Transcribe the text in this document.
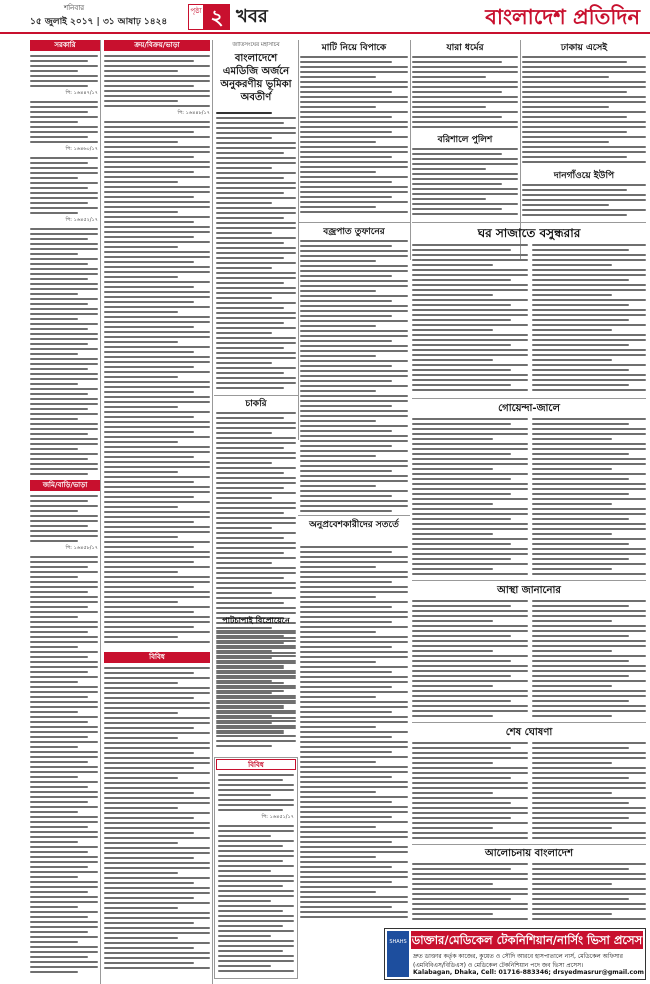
শনিবার
১৫ জুলাই ২০১৭ | ৩১ আষাঢ় ১৪২৪
পৃষ্ঠা ২ খবর	বাংলাদেশ প্রতিদিন
সরকারি
পি: ১৬৪৪৭/১৭
পি: ১৬৪৬০/১৭
পি: ১৬৪৫২/১৭
জমি/বাড়ি/ভাড়া
পি: ১৬৪৫৮/১৭
ক্রয়/বিক্রয়/ভাড়া
পি: ১৬৪৪৮/১৭
বিবিধ
জাতিসংঘের মহাসচিব
বাংলাদেশে এমডিজি অর্জনে অনুকরণীয় ভূমিকা অবতীর্ণ
চাকরি
পাটচাপাই বিপ্রোয়েনে
বিবিধ
পি: ১৬৪৫১/১৭
মাটি নিয়ে বিপাকে	যারা ধর্মের
বরিশালে পুলিশ
ঢাকায় এসেই
দানগাঁওয়ে ইউপি
ঘর সাজাতে বসুন্ধরার
বজ্রপাত তুফানের
গোয়েন্দা-জালে
আস্থা জানানোর
অনুপ্রবেশকারীদের সতর্তে
শেষ ঘোষণা
আলোচনায় বাংলাদেশ
SHAHS ডাক্তার/মেডিকেল টেকনিশিয়ান/নার্সিং ভিসা প্রসেস
দ্রুত ডাক্তার কর্তৃক কাজের, কুয়েত ও সৌদি আরবে হাসপাতালে নার্স, মেডিকেল অফিসার
(এমবিবিএস/বিডিএস) ও মেডিকেল টেকনিশিয়ান পদে জব ভিসা প্রসেস।
Kalabagan, Dhaka, Cell: 01716-883346; drsyedmasrur@gmail.com
